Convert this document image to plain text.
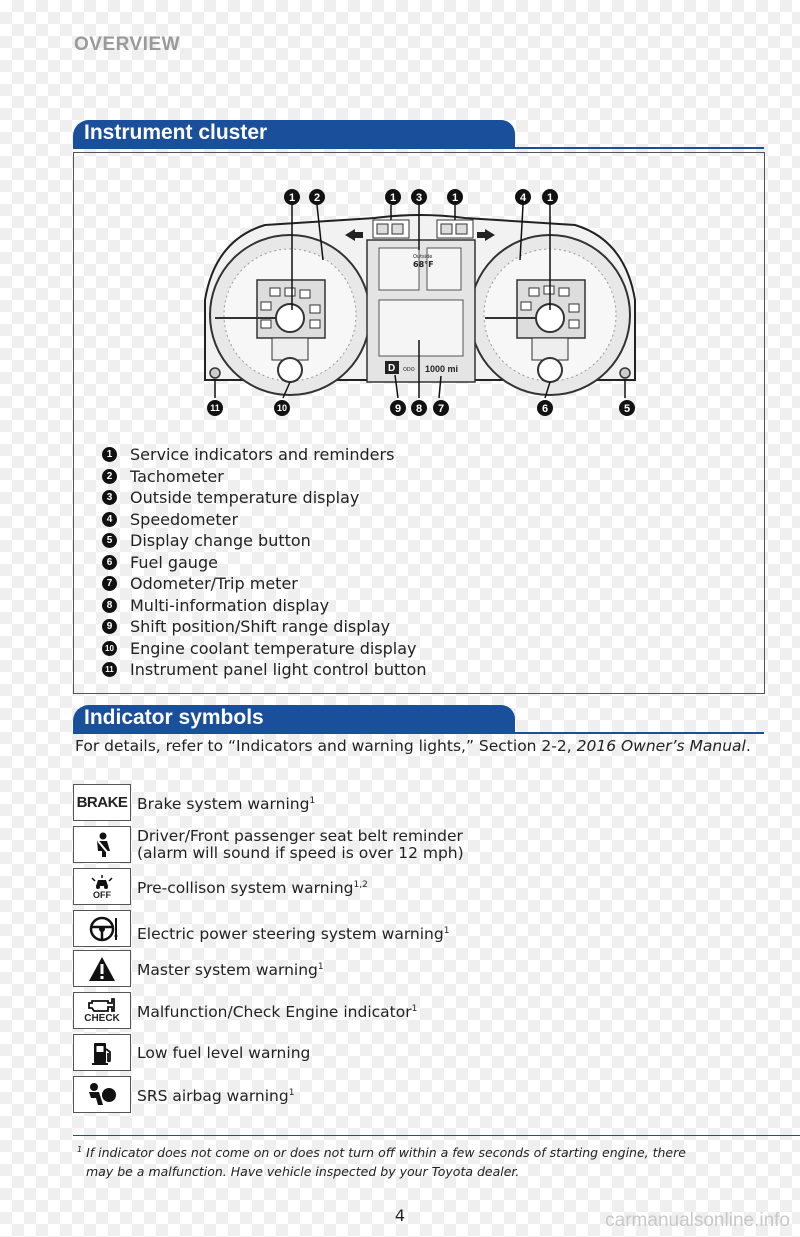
OVERVIEW
Instrument cluster
Outside
68°F
D ODO 1000 mi
1 2	1 3	1	4 1
11	10	9 8 7	6	5
1 Service indicators and reminders
2 Tachometer
3 Outside temperature display
4 Speedometer
5 Display change button
6 Fuel gauge
7 Odometer/Trip meter
8 Multi-information display
9 Shift position/Shift range display
10 Engine coolant temperature display
11 Instrument panel light control button
Indicator symbols
For details, refer to “Indicators and warning lights,” Section 2-2, 2016 Owner’s Manual.
BRAKE Brake system warning$^1$
Driver/Front passenger seat belt reminder
(alarm will sound if speed is over 12 mph)
OFF Pre-collison system warning$^{1,2}$
Electric power steering system warning$^1$
Master system warning$^1$
CHECK Malfunction/Check Engine indicator$^1$
Low fuel level warning
SRS airbag warning$^1$
$^1$ If indicator does not come on or does not turn off within a few seconds of starting engine, there
may be a malfunction. Have vehicle inspected by your Toyota dealer.
4	carmanualsonline.info
